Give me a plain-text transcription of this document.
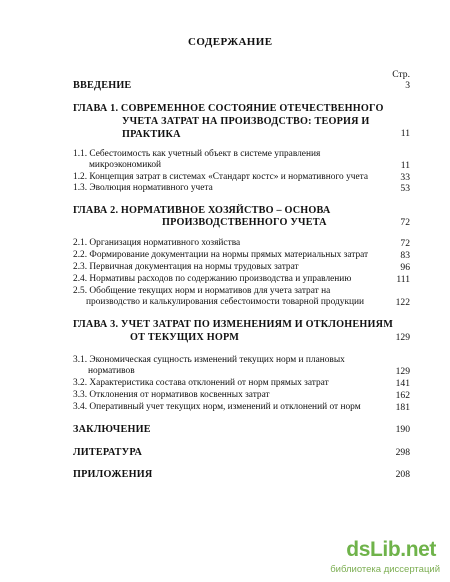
СОДЕРЖАНИЕ
Стр.
ВВЕДЕНИЕ	3
ГЛАВА 1. СОВРЕМЕННОЕ СОСТОЯНИЕ ОТЕЧЕСТВЕННОГО
УЧЕТА ЗАТРАТ НА ПРОИЗВОДСТВО: ТЕОРИЯ И
ПРАКТИКА	11
1.1. Себестоимость как учетный объект в системе управления
микроэкономикой	11
1.2. Концепция затрат в системах «Стандарт костс» и нормативного учета	33
1.3. Эволюция нормативного учета	53
ГЛАВА 2. НОРМАТИВНОЕ ХОЗЯЙСТВО – ОСНОВА
ПРОИЗВОДСТВЕННОГО УЧЕТА	72
2.1. Организация нормативного хозяйства	72
2.2. Формирование документации на нормы прямых материальных затрат	83
2.3. Первичная документация на нормы трудовых затрат	96
2.4. Нормативы расходов по содержанию производства и управлению	111
2.5. Обобщение текущих норм и нормативов для учета затрат на
производство и калькулирования себестоимости товарной продукции	122
ГЛАВА 3. УЧЕТ ЗАТРАТ ПО ИЗМЕНЕНИЯМ И ОТКЛОНЕНИЯМ
ОТ ТЕКУЩИХ НОРМ	129
3.1. Экономическая сущность изменений текущих норм и плановых
нормативов	129
3.2. Характеристика состава отклонений от норм прямых затрат	141
3.3. Отклонения от нормативов косвенных затрат	162
3.4. Оперативный учет текущих норм, изменений и отклонений от норм	181
ЗАКЛЮЧЕНИЕ	190
ЛИТЕРАТУРА	298
ПРИЛОЖЕНИЯ	208
dsLib.net
библиотека диссертаций
